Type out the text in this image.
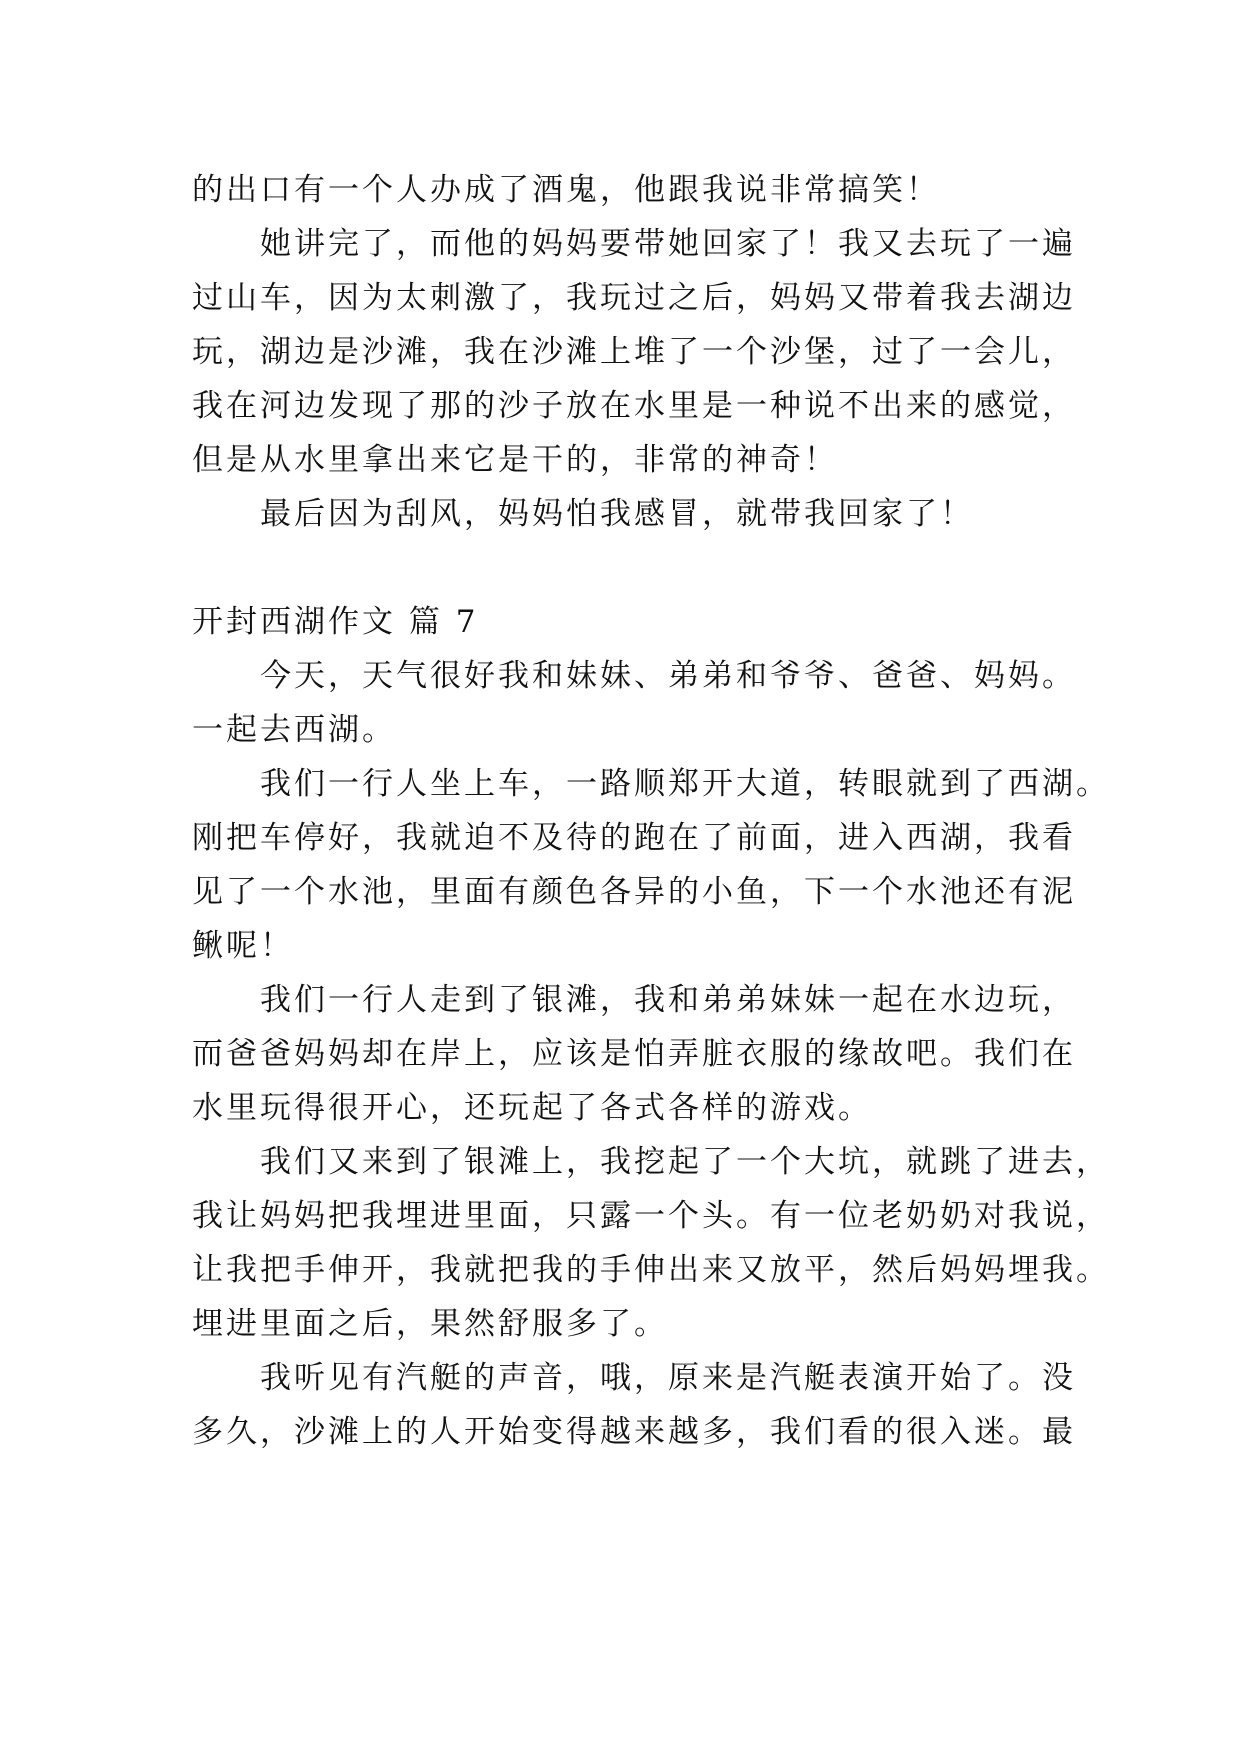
的出口有一个人办成了酒鬼，他跟我说非常搞笑！
她讲完了，而他的妈妈要带她回家了！我又去玩了一遍
过山车，因为太刺激了，我玩过之后，妈妈又带着我去湖边
玩，湖边是沙滩，我在沙滩上堆了一个沙堡，过了一会儿，
我在河边发现了那的沙子放在水里是一种说不出来的感觉，
但是从水里拿出来它是干的，非常的神奇！
最后因为刮风，妈妈怕我感冒，就带我回家了！
开封西湖作文 篇 7
今天，天气很好我和妹妹、弟弟和爷爷、爸爸、妈妈。
一起去西湖。
我们一行人坐上车，一路顺郑开大道，转眼就到了西湖。
刚把车停好，我就迫不及待的跑在了前面，进入西湖，我看
见了一个水池，里面有颜色各异的小鱼，下一个水池还有泥
鳅呢！
我们一行人走到了银滩，我和弟弟妹妹一起在水边玩，
而爸爸妈妈却在岸上，应该是怕弄脏衣服的缘故吧。我们在
水里玩得很开心，还玩起了各式各样的游戏。
我们又来到了银滩上，我挖起了一个大坑，就跳了进去，
我让妈妈把我埋进里面，只露一个头。有一位老奶奶对我说，
让我把手伸开，我就把我的手伸出来又放平，然后妈妈埋我。
埋进里面之后，果然舒服多了。
我听见有汽艇的声音，哦，原来是汽艇表演开始了。没
多久，沙滩上的人开始变得越来越多，我们看的很入迷。最
